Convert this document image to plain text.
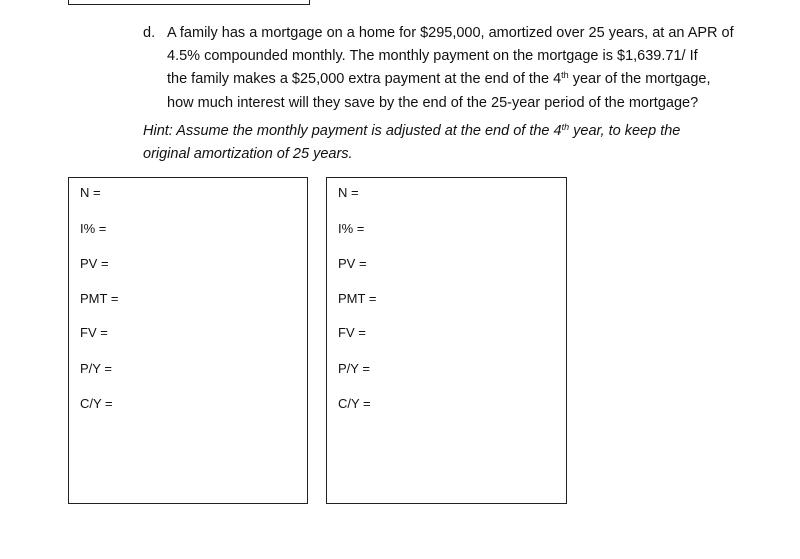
d. A family has a mortgage on a home for $295,000, amortized over 25 years, at an APR of
4.5% compounded monthly. The monthly payment on the mortgage is $1,639.71/ If
the family makes a $25,000 extra payment at the end of the 4th year of the mortgage,
how much interest will they save by the end of the 25-year period of the mortgage?
Hint: Assume the monthly payment is adjusted at the end of the 4th year, to keep the
original amortization of 25 years.
N =
I% =
PV =
PMT =
FV =
P/Y =
C/Y =
N =
I% =
PV =
PMT =
FV =
P/Y =
C/Y =
